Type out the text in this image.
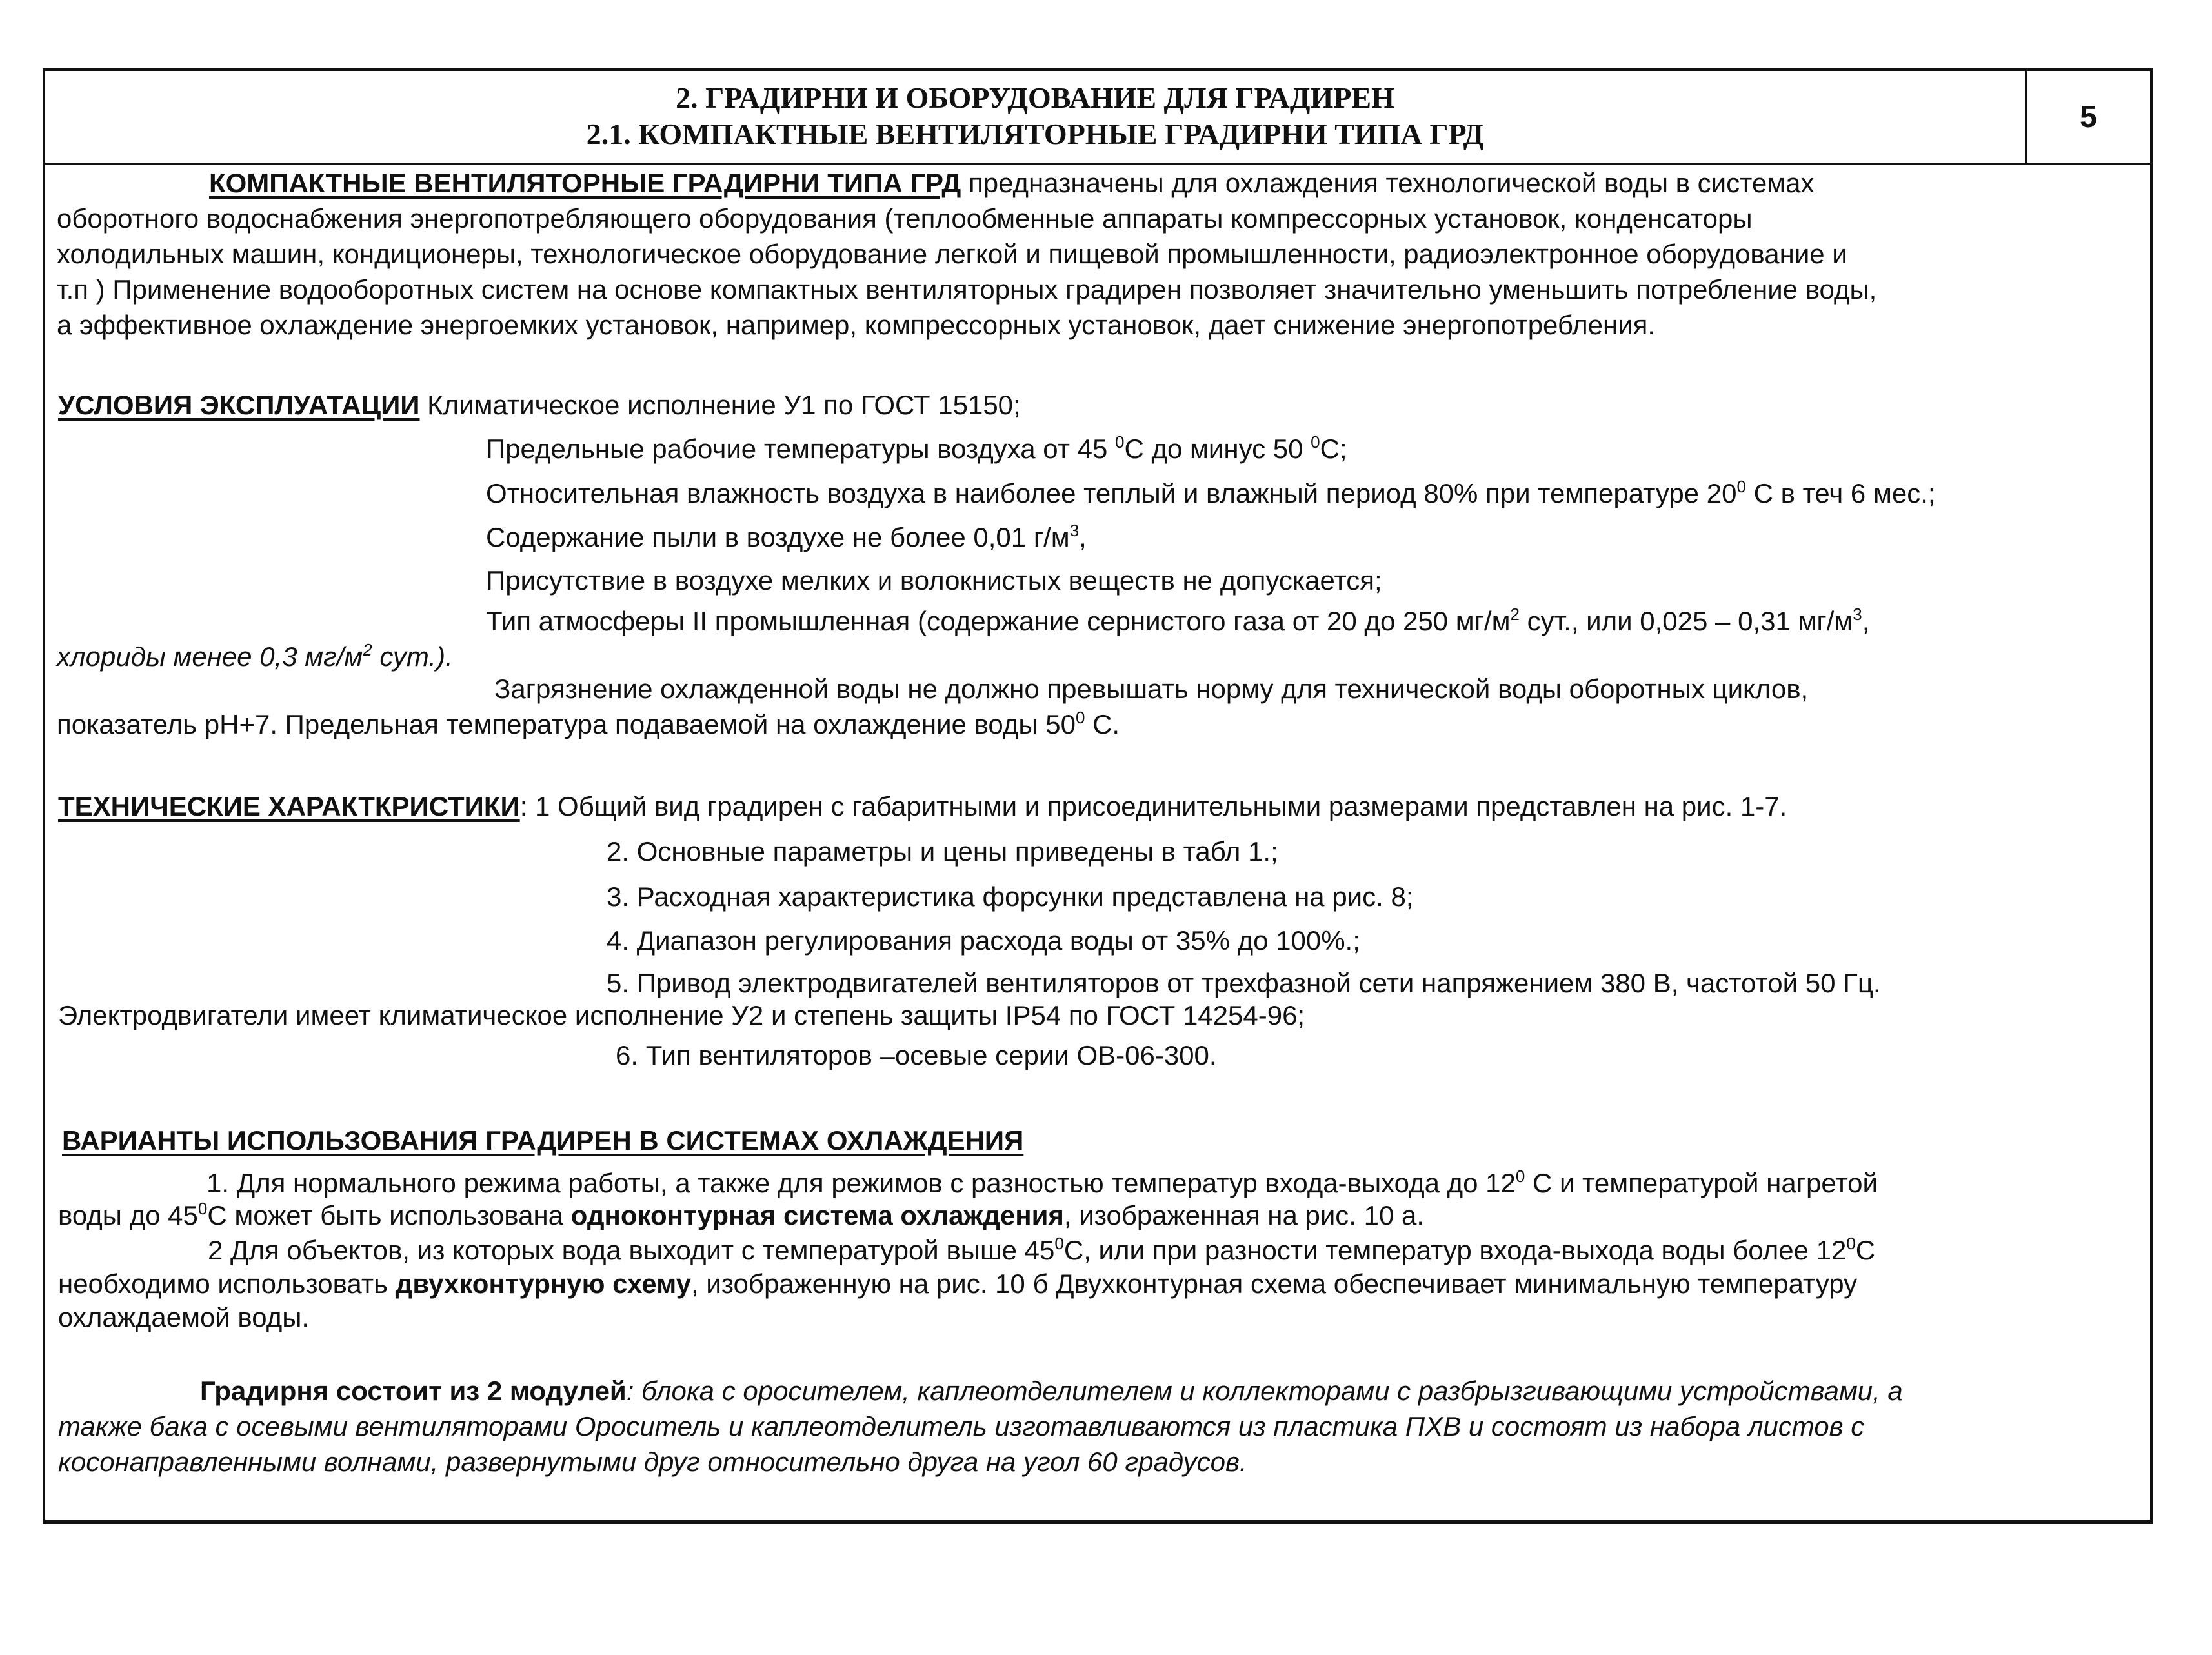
2. ГРАДИРНИ И ОБОРУДОВАНИЕ ДЛЯ ГРАДИРЕН
2.1. КОМПАКТНЫЕ ВЕНТИЛЯТОРНЫЕ ГРАДИРНИ ТИПА ГРД	5
КОМПАКТНЫЕ ВЕНТИЛЯТОРНЫЕ ГРАДИРНИ ТИПА ГРД предназначены для охлаждения технологической воды в системах
оборотного водоснабжения энергопотребляющего оборудования (теплообменные аппараты компрессорных установок, конденсаторы
холодильных машин, кондиционеры, технологическое оборудование легкой и пищевой промышленности, радиоэлектронное оборудование и
т.п ) Применение водооборотных систем на основе компактных вентиляторных градирен позволяет значительно уменьшить потребление воды,
а эффективное охлаждение энергоемких установок, например, компрессорных установок, дает снижение энергопотребления.
УСЛОВИЯ ЭКСПЛУАТАЦИИ Климатическое исполнение У1 по ГОСТ 15150;
Предельные рабочие температуры воздуха от 45 $^0$С до минус 50 $^0$С;
Относительная влажность воздуха в наиболее теплый и влажный период 80% при температуре $20^0$ С в теч 6 мес.;
Содержание пыли в воздухе не более 0,01 $г/м^3$,
Присутствие в воздухе мелких и волокнистых веществ не допускается;
Тип атмосферы II промышленная (содержание сернистого газа от 20 до 250 $мг/м^2$ сут., или 0,025 – 0,31 $мг/м^3$,
хлориды менее 0,3 $мг/м^2$ сут.).
Загрязнение охлажденной воды не должно превышать норму для технической воды оборотных циклов,
показатель рН+7. Предельная температура подаваемой на охлаждение воды $50^0$ С.
ТЕХНИЧЕСКИЕ ХАРАКТКРИСТИКИ: 1 Общий вид градирен с габаритными и присоединительными размерами представлен на рис. 1-7.
2. Основные параметры и цены приведены в табл 1.;
3. Расходная характеристика форсунки представлена на рис. 8;
4. Диапазон регулирования расхода воды от 35% до 100%.;
5. Привод электродвигателей вентиляторов от трехфазной сети напряжением 380 В, частотой 50 Гц.
Электродвигатели имеет климатическое исполнение У2 и степень защиты IP54 по ГОСТ 14254-96;
6. Тип вентиляторов –осевые серии ОВ-06-300.
ВАРИАНТЫ ИСПОЛЬЗОВАНИЯ ГРАДИРЕН В СИСТЕМАХ ОХЛАЖДЕНИЯ
1. Для нормального режима работы, а также для режимов с разностью температур входа-выхода до $12^0$ С и температурой нагретой
воды до $45^0С$ может быть использована одноконтурная система охлаждения, изображенная на рис. 10 а.
2 Для объектов, из которых вода выходит с температурой выше $45^0С$, или при разности температур входа-выхода воды более $12^0С$
необходимо использовать двухконтурную схему, изображенную на рис. 10 б Двухконтурная схема обеспечивает минимальную температуру
охлаждаемой воды.
Градирня состоит из 2 модулей: блока с оросителем, каплеотделителем и коллекторами с разбрызгивающими устройствами, а
также бака с осевыми вентиляторами Ороситель и каплеотделитель изготавливаются из пластика ПХВ и состоят из набора листов с
косонаправленными волнами, развернутыми друг относительно друга на угол 60 градусов.
